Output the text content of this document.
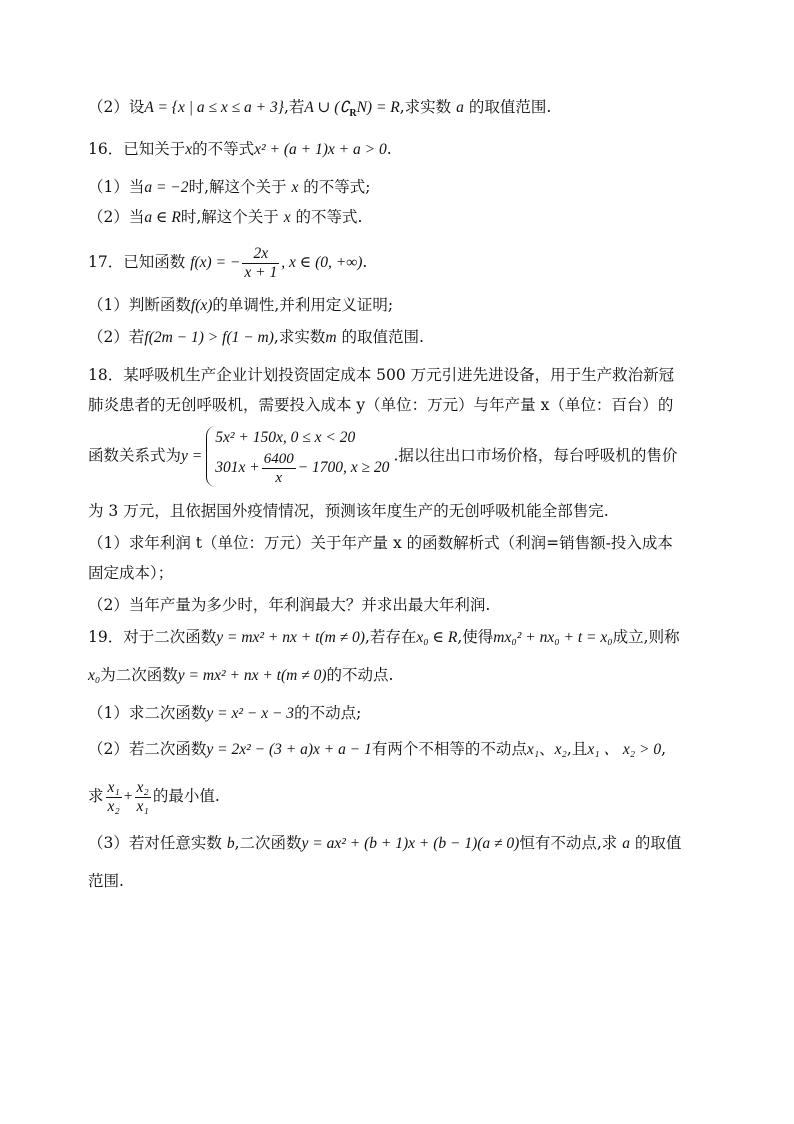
（2）设A = {x | a ≤ x ≤ a + 3},若A ∪ $(∁_RN) = R$,求实数 a 的取值范围.
16．已知关于x的不等式x² + (a + 1)x + a > 0.
（1）当a = −2时,解这个关于 x 的不等式;
（2）当a ∈ R时,解这个关于 x 的不等式.
17．已知函数 f(x) = − $\frac{2x}{x + 1}$ , x ∈ (0, +∞).
（1）判断函数f(x)的单调性,并利用定义证明;
（2）若f(2m − 1) > f(1 − m),求实数m 的取值范围.
18．某呼吸机生产企业计划投资固定成本 500 万元引进先进设备，用于生产救治新冠
肺炎患者的无创呼吸机，需要投入成本 y（单位：万元）与年产量 x（单位：百台）的
函数关系式为y =
5x² + 150x, 0 ≤ x < 20
$301x + \frac{6400}{x} - 1700$, x ≥ 20
.据以往出口市场价格，每台呼吸机的售价
为 3 万元，且依据国外疫情情况，预测该年度生产的无创呼吸机能全部售完.
（1）求年利润 t（单位：万元）关于年产量 x 的函数解析式（利润=销售额-投入成本
固定成本）；
（2）当年产量为多少时，年利润最大？并求出最大年利润.
19．对于二次函数y = mx² + nx + t(m ≠ 0),若存在x₀ ∈ R,使得mx₀² + nx₀ + t = x₀成立,则称
x₀为二次函数y = mx² + nx + t(m ≠ 0)的不动点.
（1）求二次函数y = x² − x − 3的不动点;
（2）若二次函数y = 2x² − (3 + a)x + a − 1有两个不相等的不动点x₁、x₂,且x₁ 、 x₂ > 0,
求 $\frac{\text{x₁}}{\text{x₂}} + \frac{\text{x₂}}{\text{x₁}}$ 的最小值.
（3）若对任意实数 b,二次函数y = ax² + (b + 1)x + (b − 1)(a ≠ 0)恒有不动点,求 a 的取值
范围.
